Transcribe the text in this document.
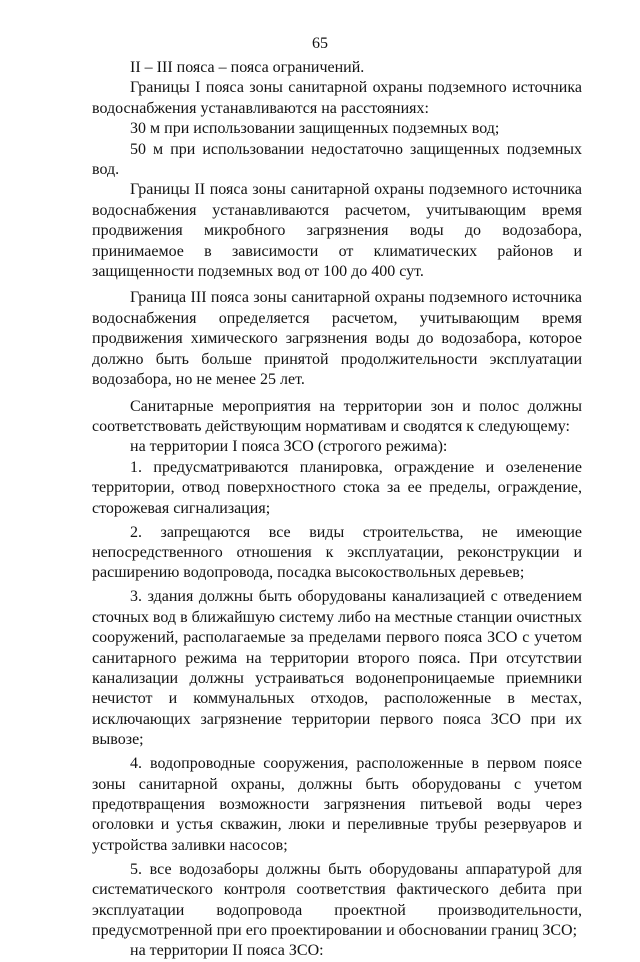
65

II – III пояса – пояса ограничений.

Границы I пояса зоны санитарной охраны подземного источника водоснабжения устанавливаются на расстояниях:

30 м при использовании защищенных подземных вод;

50 м при использовании недостаточно защищенных подземных вод.

Границы II пояса зоны санитарной охраны подземного источника водоснабжения устанавливаются расчетом, учитывающим время продвижения микробного загрязнения воды до водозабора, принимаемое в зависимости от климатических районов и защищенности подземных вод от 100 до 400 сут.

Граница III пояса зоны санитарной охраны подземного источника водоснабжения определяется расчетом, учитывающим время продвижения химического загрязнения воды до водозабора, которое должно быть больше принятой продолжительности эксплуатации водозабора, но не менее 25 лет.

Санитарные мероприятия на территории зон и полос должны соответствовать действующим нормативам и сводятся к следующему:

на территории I пояса ЗСО (строгого режима):

1. предусматриваются планировка, ограждение и озеленение территории, отвод поверхностного стока за ее пределы, ограждение, сторожевая сигнализация;

2. запрещаются все виды строительства, не имеющие непосредственного отношения к эксплуатации, реконструкции и расширению водопровода, посадка высокоствольных деревьев;

3. здания должны быть оборудованы канализацией с отведением сточных вод в ближайшую систему либо на местные станции очистных сооружений, располагаемые за пределами первого пояса ЗСО с учетом санитарного режима на территории второго пояса. При отсутствии канализации должны устраиваться водонепроницаемые приемники нечистот и коммунальных отходов, расположенные в местах, исключающих загрязнение территории первого пояса ЗСО при их вывозе;

4. водопроводные сооружения, расположенные в первом поясе зоны санитарной охраны, должны быть оборудованы с учетом предотвращения возможности загрязнения питьевой воды через оголовки и устья скважин, люки и переливные трубы резервуаров и устройства заливки насосов;

5. все водозаборы должны быть оборудованы аппаратурой для систематического контроля соответствия фактического дебита при эксплуатации водопровода проектной производительности, предусмотренной при его проектировании и обосновании границ ЗСО;

на территории II пояса ЗСО:
